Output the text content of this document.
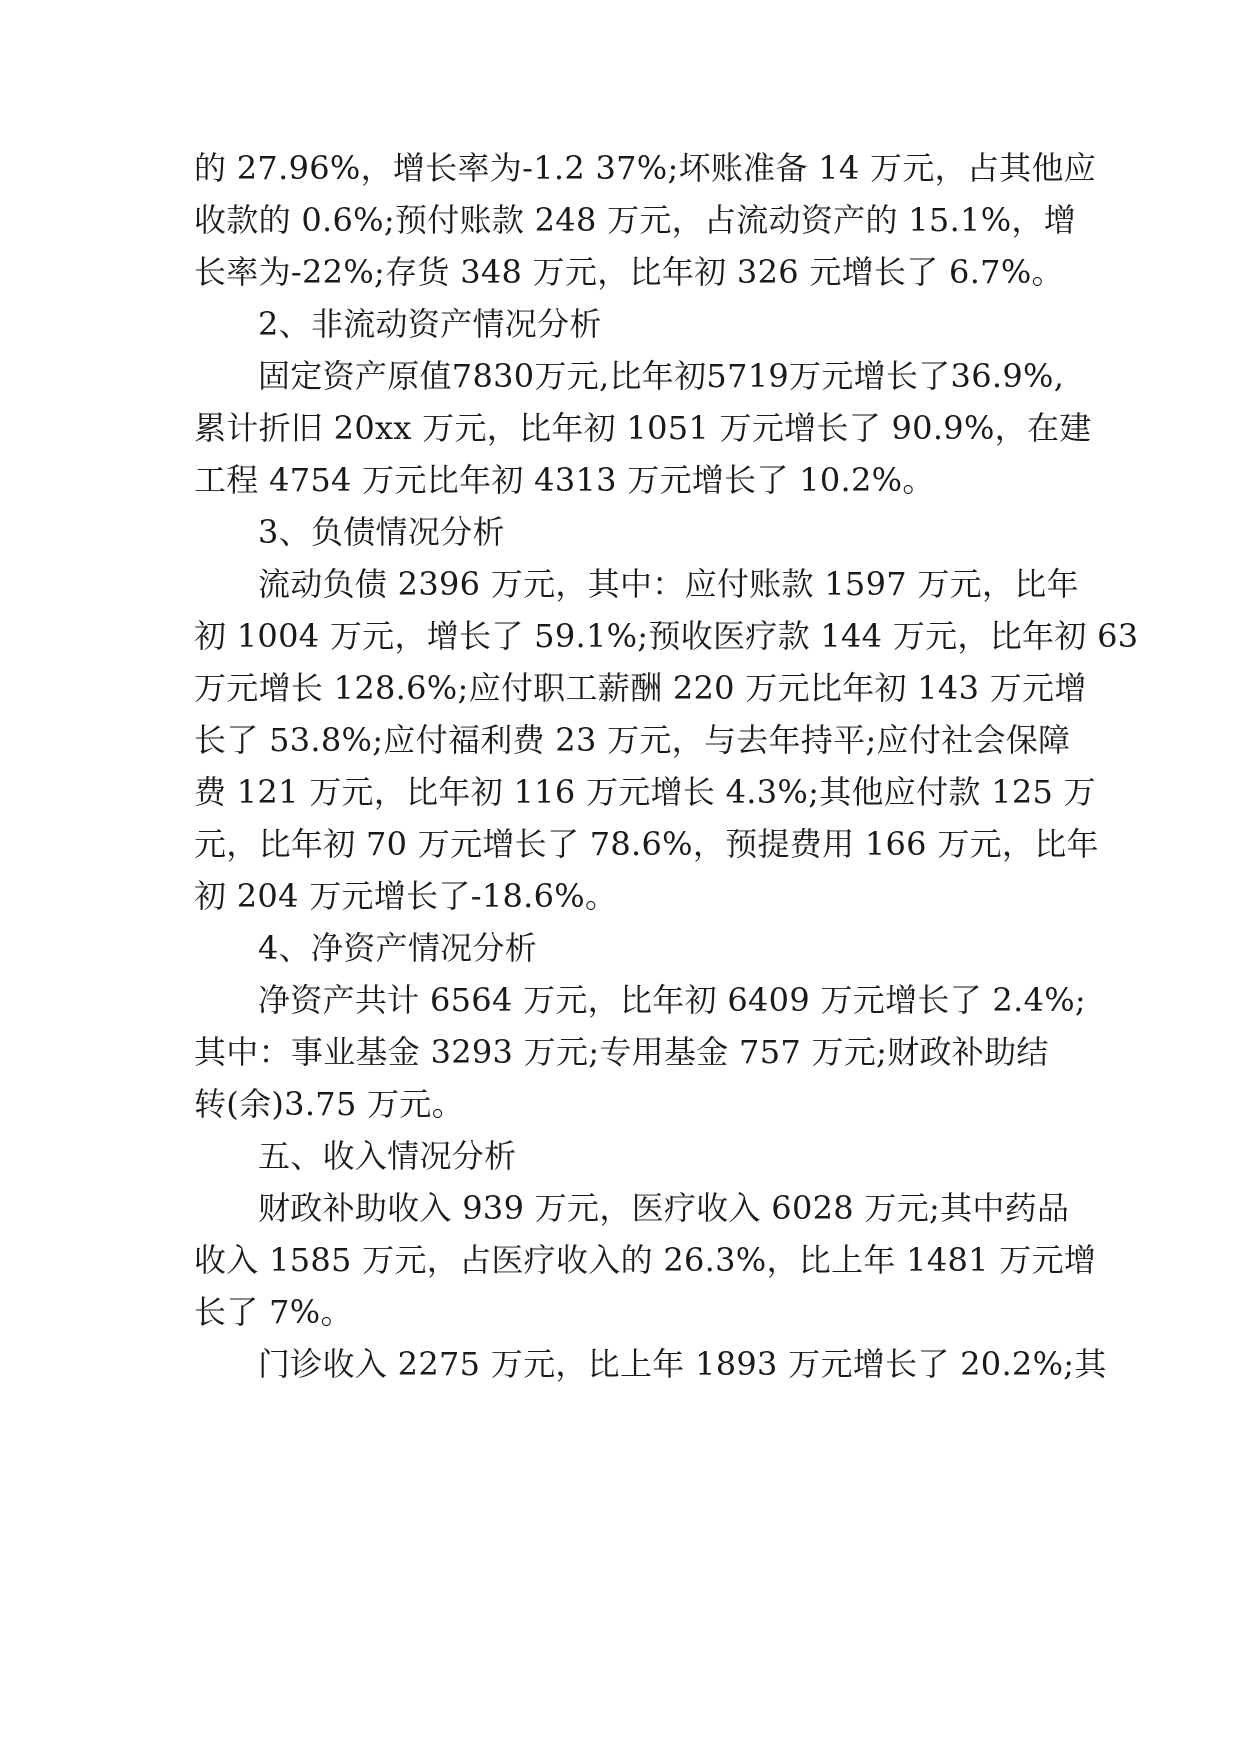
的 27.96%，增长率为-1.2 37%;坏账准备 14 万元，占其他应
收款的 0.6%;预付账款 248 万元，占流动资产的 15.1%，增
长率为-22%;存货 348 万元，比年初 326 元增长了 6.7%。
2、非流动资产情况分析
固定资产原值7830万元,比年初5719万元增长了36.9%,
累计折旧 20xx 万元，比年初 1051 万元增长了 90.9%，在建
工程 4754 万元比年初 4313 万元增长了 10.2%。
3、负债情况分析
流动负债 2396 万元，其中：应付账款 1597 万元，比年
初 1004 万元，增长了 59.1%;预收医疗款 144 万元，比年初 63
万元增长 128.6%;应付职工薪酬 220 万元比年初 143 万元增
长了 53.8%;应付福利费 23 万元，与去年持平;应付社会保障
费 121 万元，比年初 116 万元增长 4.3%;其他应付款 125 万
元，比年初 70 万元增长了 78.6%，预提费用 166 万元，比年
初 204 万元增长了-18.6%。
4、净资产情况分析
净资产共计 6564 万元，比年初 6409 万元增长了 2.4%;
其中：事业基金 3293 万元;专用基金 757 万元;财政补助结
转(余)3.75 万元。
五、收入情况分析
财政补助收入 939 万元，医疗收入 6028 万元;其中药品
收入 1585 万元，占医疗收入的 26.3%，比上年 1481 万元增
长了 7%。
门诊收入 2275 万元，比上年 1893 万元增长了 20.2%;其
